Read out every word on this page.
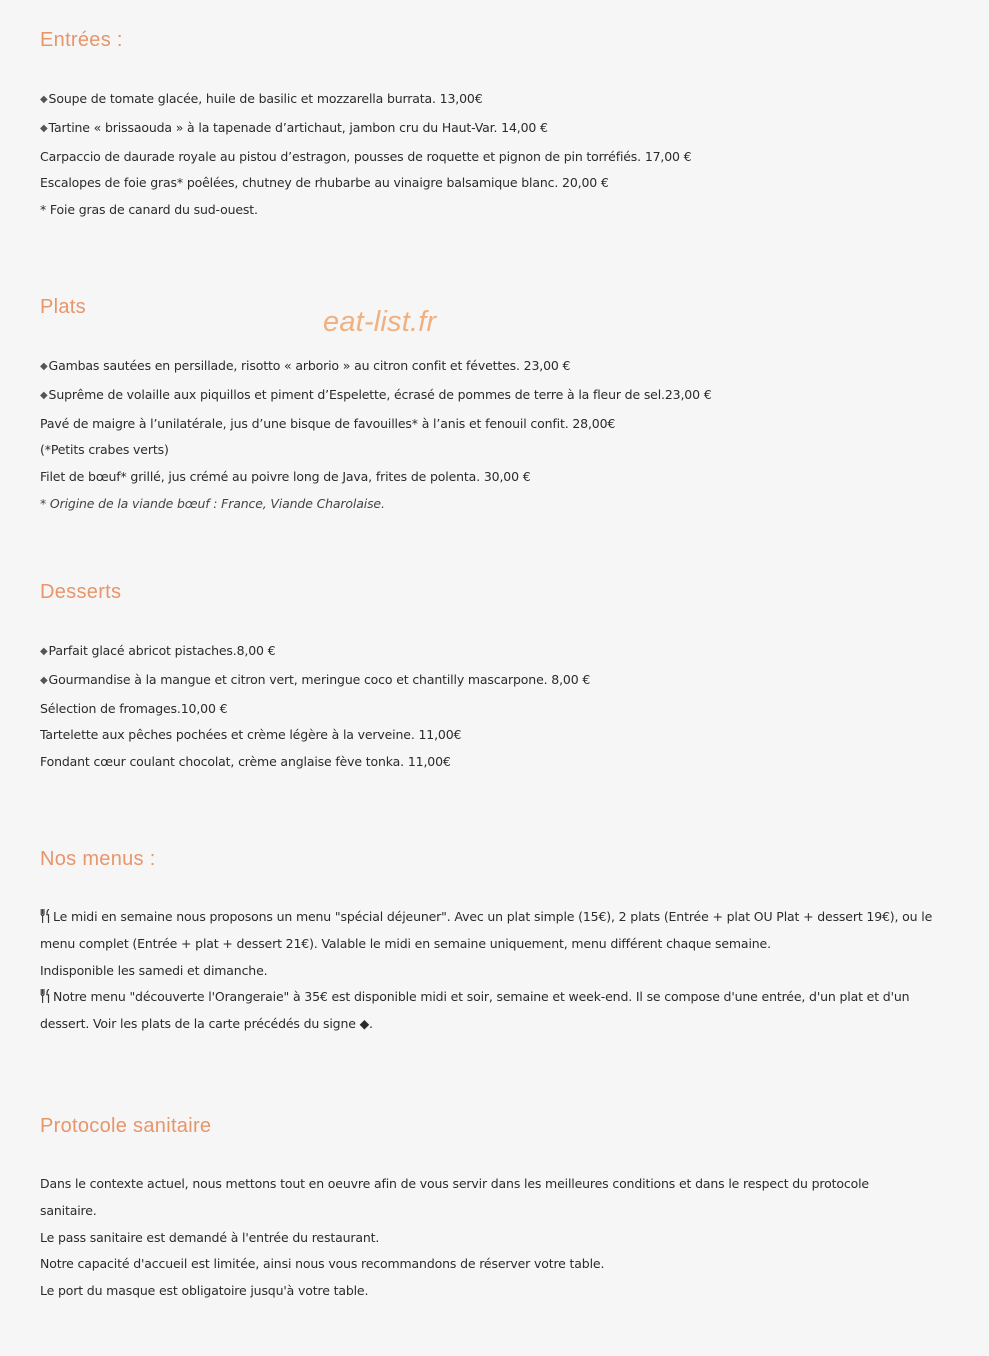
Entrées :
◆Soupe de tomate glacée, huile de basilic et mozzarella burrata. 13,00€
◆Tartine « brissaouda » à la tapenade d’artichaut, jambon cru du Haut-Var. 14,00 €
Carpaccio de daurade royale au pistou d’estragon, pousses de roquette et pignon de pin torréfiés. 17,00 €
Escalopes de foie gras* poêlées, chutney de rhubarbe au vinaigre balsamique blanc. 20,00 €
* Foie gras de canard du sud-ouest.
Plats	eat-list.fr
◆Gambas sautées en persillade, risotto « arborio » au citron confit et févettes. 23,00 €
◆Suprême de volaille aux piquillos et piment d’Espelette, écrasé de pommes de terre à la fleur de sel.23,00 €
Pavé de maigre à l’unilatérale, jus d’une bisque de favouilles* à l’anis et fenouil confit. 28,00€
(*Petits crabes verts)
Filet de bœuf* grillé, jus crémé au poivre long de Java, frites de polenta. 30,00 €
* Origine de la viande bœuf : France, Viande Charolaise.
Desserts
◆Parfait glacé abricot pistaches.8,00 €
◆Gourmandise à la mangue et citron vert, meringue coco et chantilly mascarpone. 8,00 €
Sélection de fromages.10,00 €
Tartelette aux pêches pochées et crème légère à la verveine. 11,00€
Fondant cœur coulant chocolat, crème anglaise fève tonka. 11,00€
Nos menus :
Le midi en semaine nous proposons un menu "spécial déjeuner". Avec un plat simple (15€), 2 plats (Entrée + plat OU Plat + dessert 19€), ou le
menu complet (Entrée + plat + dessert 21€). Valable le midi en semaine uniquement, menu différent chaque semaine.
Indisponible les samedi et dimanche.
Notre menu "découverte l'Orangeraie" à 35€ est disponible midi et soir, semaine et week-end. Il se compose d'une entrée, d'un plat et d'un
dessert. Voir les plats de la carte précédés du signe ◆.
Protocole sanitaire
Dans le contexte actuel, nous mettons tout en oeuvre afin de vous servir dans les meilleures conditions et dans le respect du protocole
sanitaire.
Le pass sanitaire est demandé à l'entrée du restaurant.
Notre capacité d'accueil est limitée, ainsi nous vous recommandons de réserver votre table.
Le port du masque est obligatoire jusqu'à votre table.
